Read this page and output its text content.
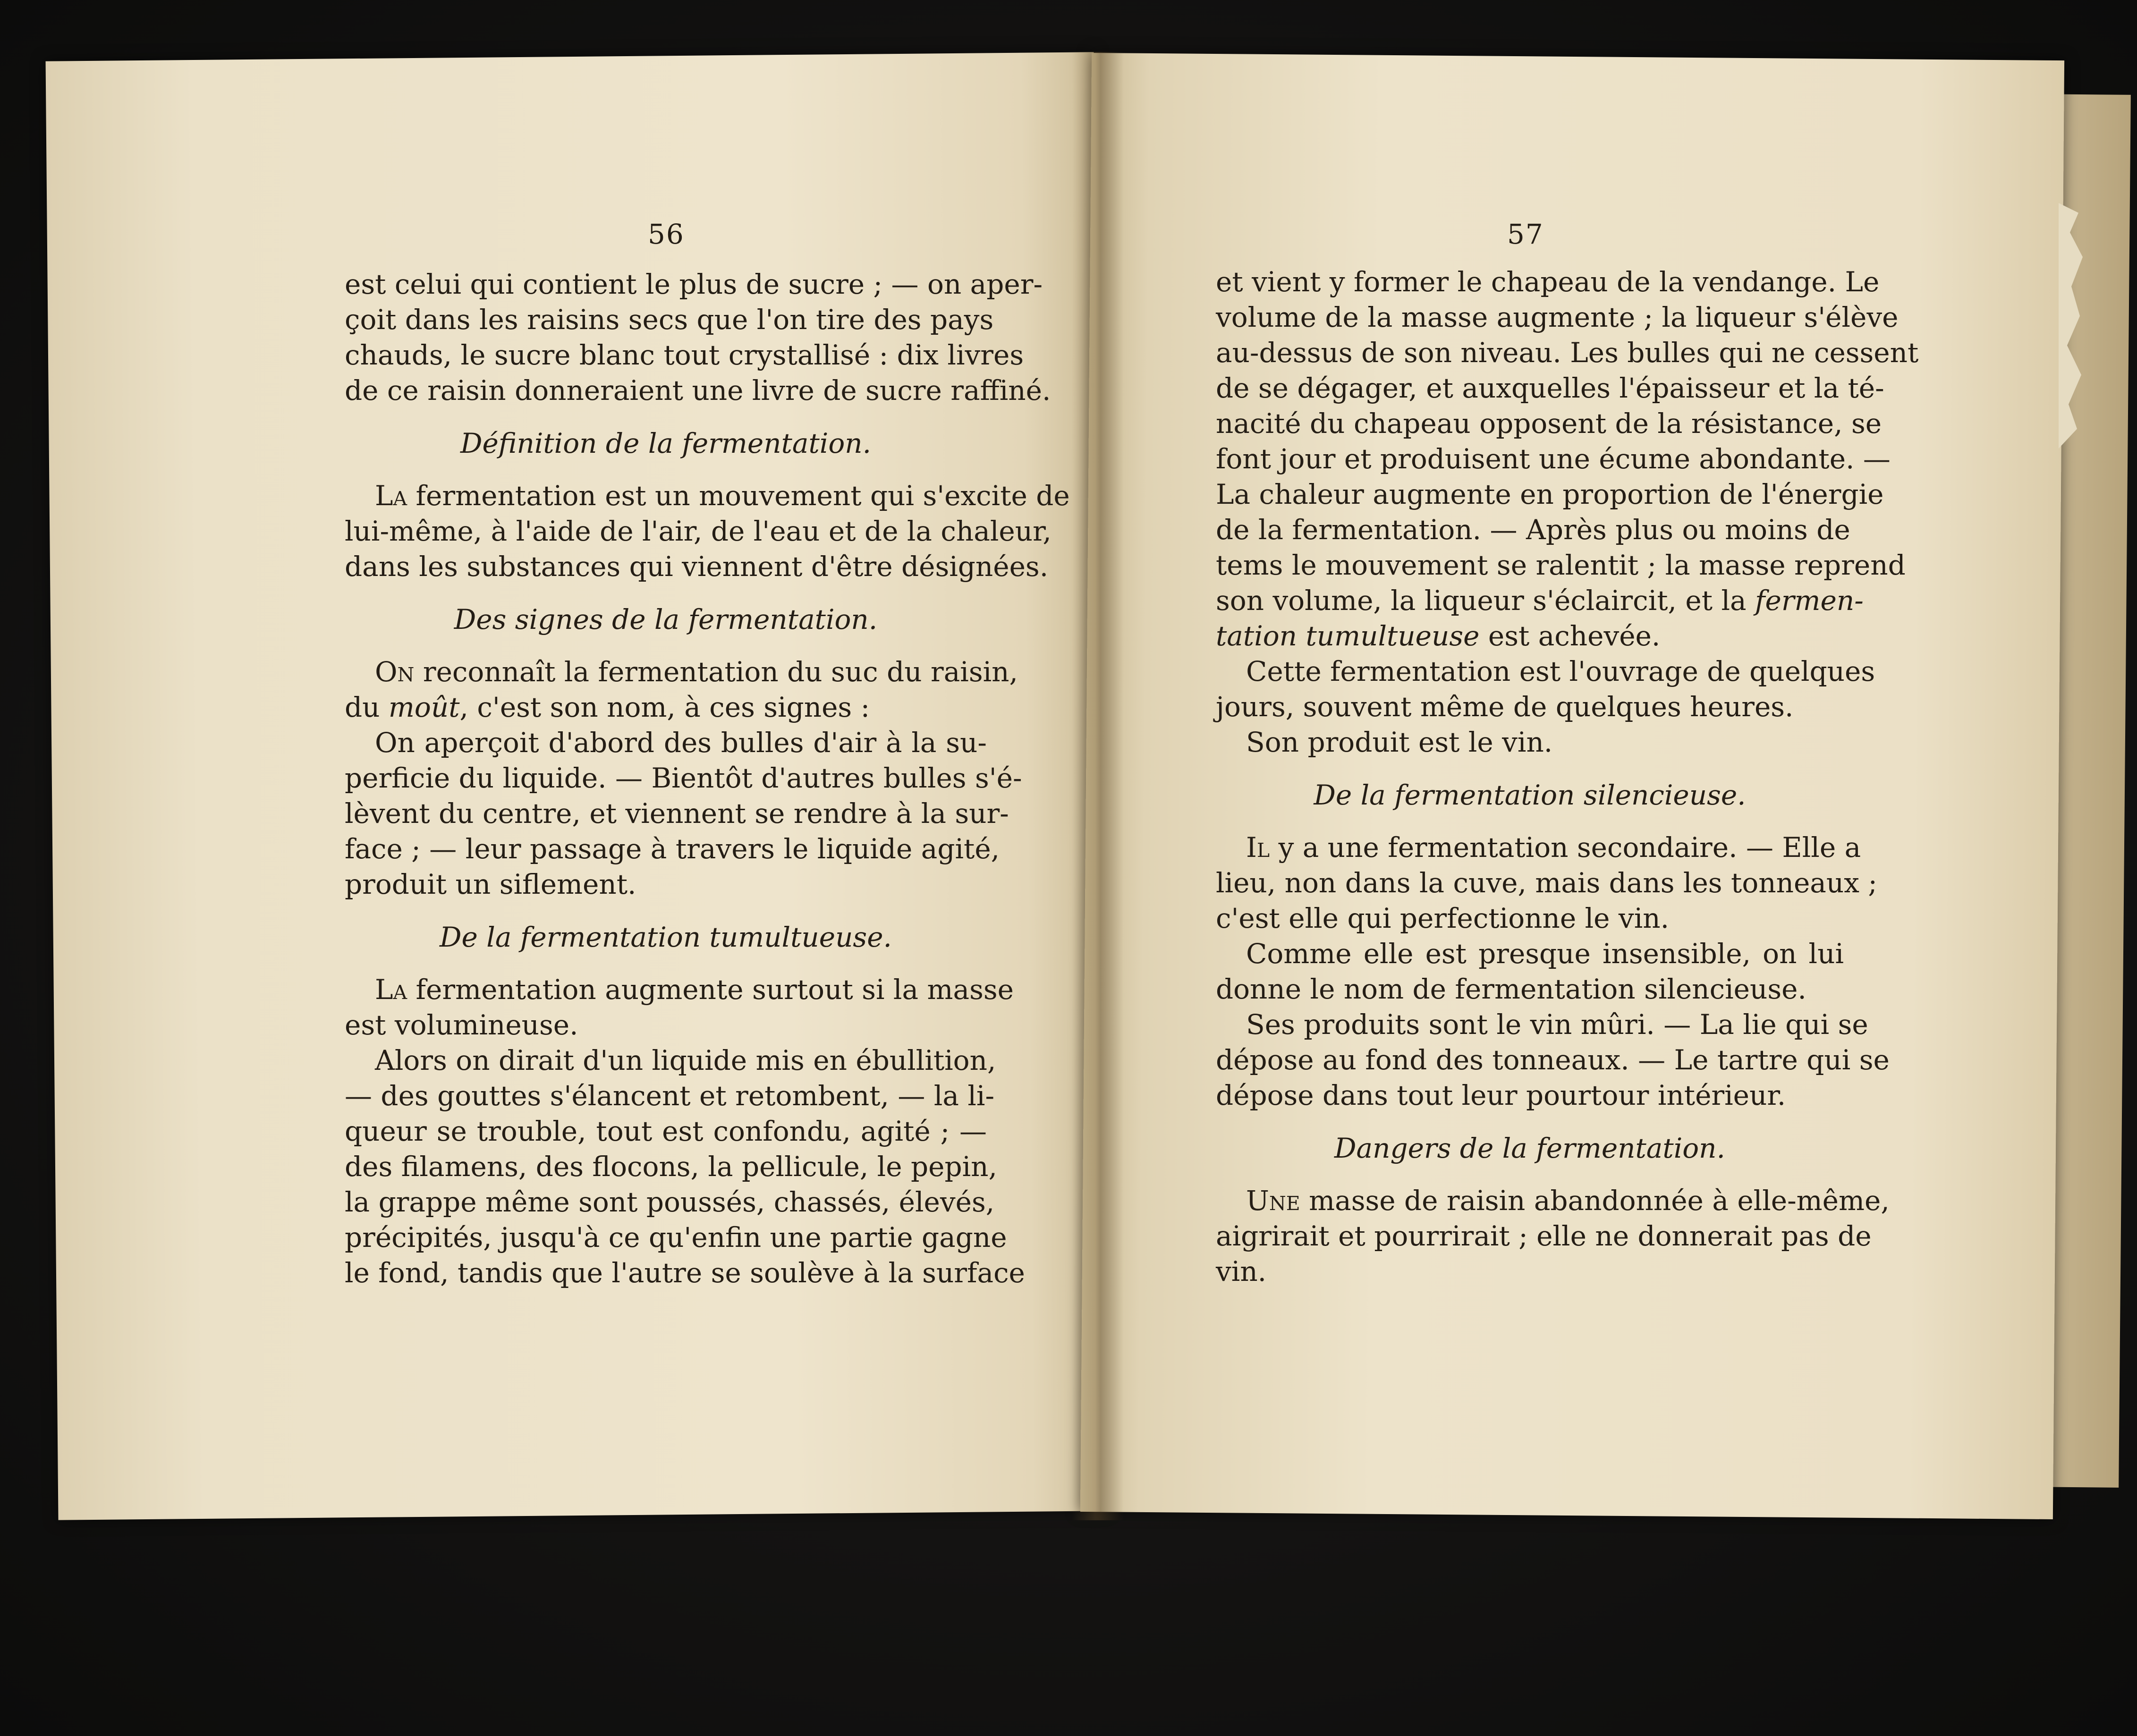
56
est celui qui contient le plus de sucre ; — on aper-
çoit dans les raisins secs que l'on tire des pays
chauds, le sucre blanc tout crystallisé : dix livres
de ce raisin donneraient une livre de sucre raffiné.
Définition de la fermentation.
La fermentation est un mouvement qui s'excite de
lui-même, à l'aide de l'air, de l'eau et de la chaleur,
dans les substances qui viennent d'être désignées.
Des signes de la fermentation.
On reconnaît la fermentation du suc du raisin,
du moût, c'est son nom, à ces signes :
On aperçoit d'abord des bulles d'air à la su-
perficie du liquide. — Bientôt d'autres bulles s'é-
lèvent du centre, et viennent se rendre à la sur-
face ; — leur passage à travers le liquide agité,
produit un siflement.
De la fermentation tumultueuse.
La fermentation augmente surtout si la masse
est volumineuse.
Alors on dirait d'un liquide mis en ébullition,
— des gouttes s'élancent et retombent, — la li-
queur se trouble, tout est confondu, agité ; —
des filamens, des flocons, la pellicule, le pepin,
la grappe même sont poussés, chassés, élevés,
précipités, jusqu'à ce qu'enfin une partie gagne
le fond, tandis que l'autre se soulève à la surface
57
et vient y former le chapeau de la vendange. Le
volume de la masse augmente ; la liqueur s'élève
au-dessus de son niveau. Les bulles qui ne cessent
de se dégager, et auxquelles l'épaisseur et la té-
nacité du chapeau opposent de la résistance, se
font jour et produisent une écume abondante. —
La chaleur augmente en proportion de l'énergie
de la fermentation. — Après plus ou moins de
tems le mouvement se ralentit ; la masse reprend
son volume, la liqueur s'éclaircit, et la fermen-
tation tumultueuse est achevée.
Cette fermentation est l'ouvrage de quelques
jours, souvent même de quelques heures.
Son produit est le vin.
De la fermentation silencieuse.
Il y a une fermentation secondaire. — Elle a
lieu, non dans la cuve, mais dans les tonneaux ;
c'est elle qui perfectionne le vin.
Comme elle est presque insensible, on lui
donne le nom de fermentation silencieuse.
Ses produits sont le vin mûri. — La lie qui se
dépose au fond des tonneaux. — Le tartre qui se
dépose dans tout leur pourtour intérieur.
Dangers de la fermentation.
Une masse de raisin abandonnée à elle-même,
aigrirait et pourrirait ; elle ne donnerait pas de
vin.
